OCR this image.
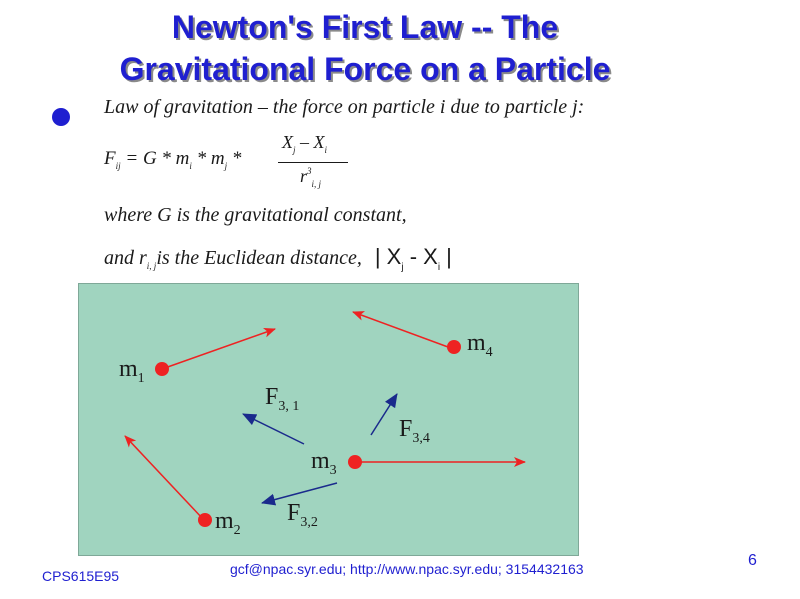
Newton's First Law -- The
Gravitational Force on a Particle
Law of gravitation – the force on particle i due to particle j:
$F_{ij} = G * m_i * m_j$ *
$X_j - X_i$
$r^3_{i, j}$
where G is the gravitational constant,
and $r_{i, j}is$ the Euclidean distance, | $X_j - X_i$ |
$m_1$
$m_4$
$m_3$
$m_2$
$F_{3, 1}$
$F_{3,4}$
$F_{3,2}$
CPS615E95	gcf@npac.syr.edu; http://www.npac.syr.edu; 3154432163	6
